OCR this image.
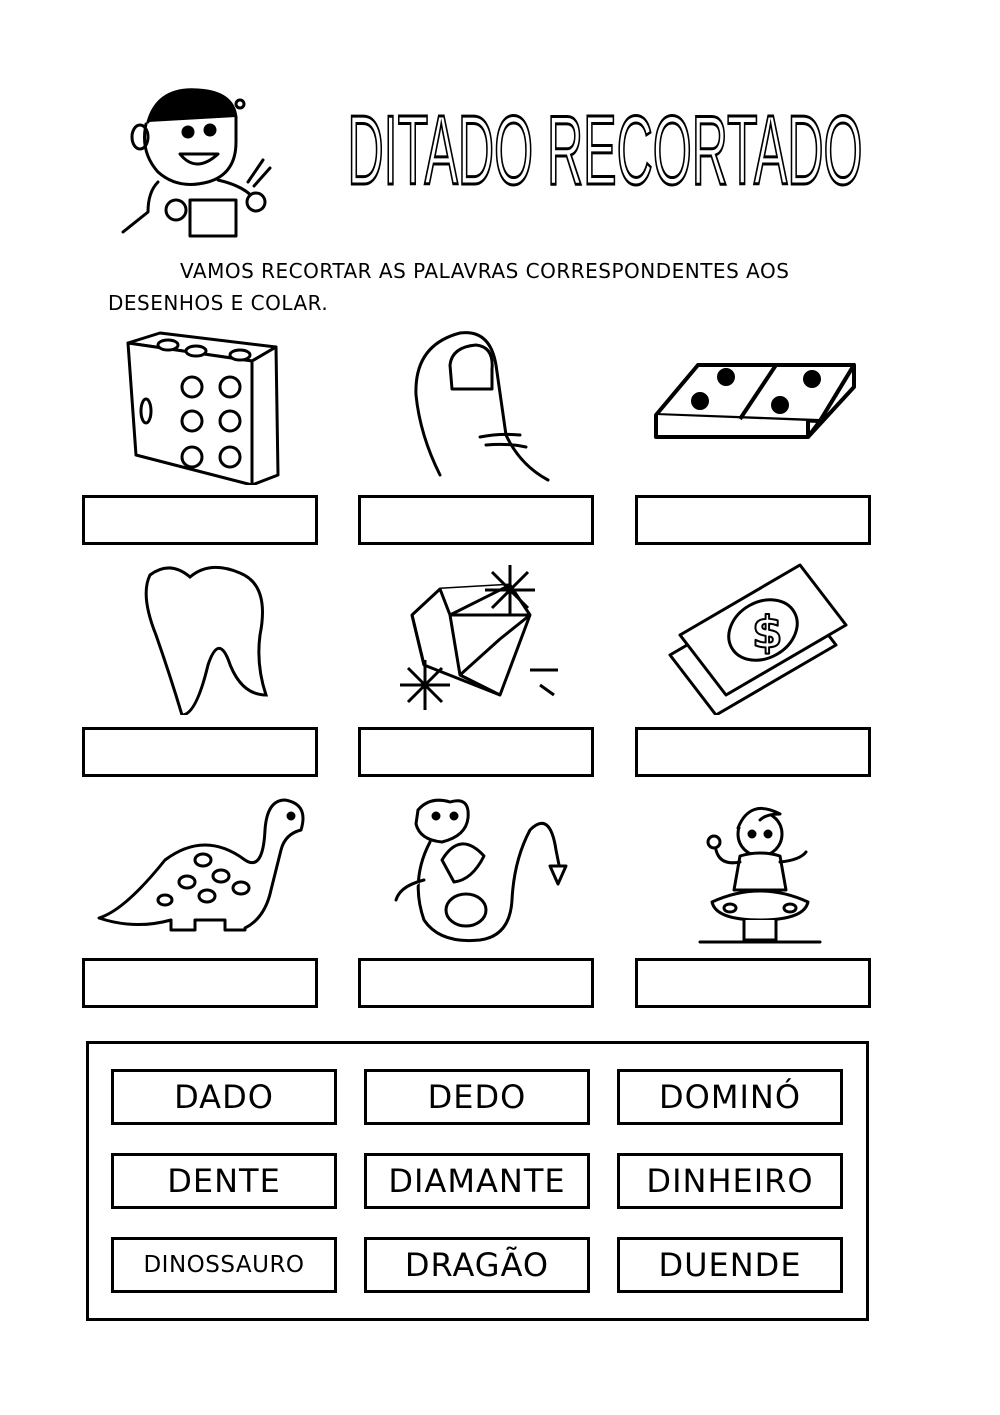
DITADO RECORTADO
VAMOS RECORTAR AS PALAVRAS CORRESPONDENTES AOS
DESENHOS E COLAR.
$
DADO	DEDO	DOMINÓ
DENTE	DIAMANTE	DINHEIRO
DINOSSAURO	DRAGÃO	DUENDE
